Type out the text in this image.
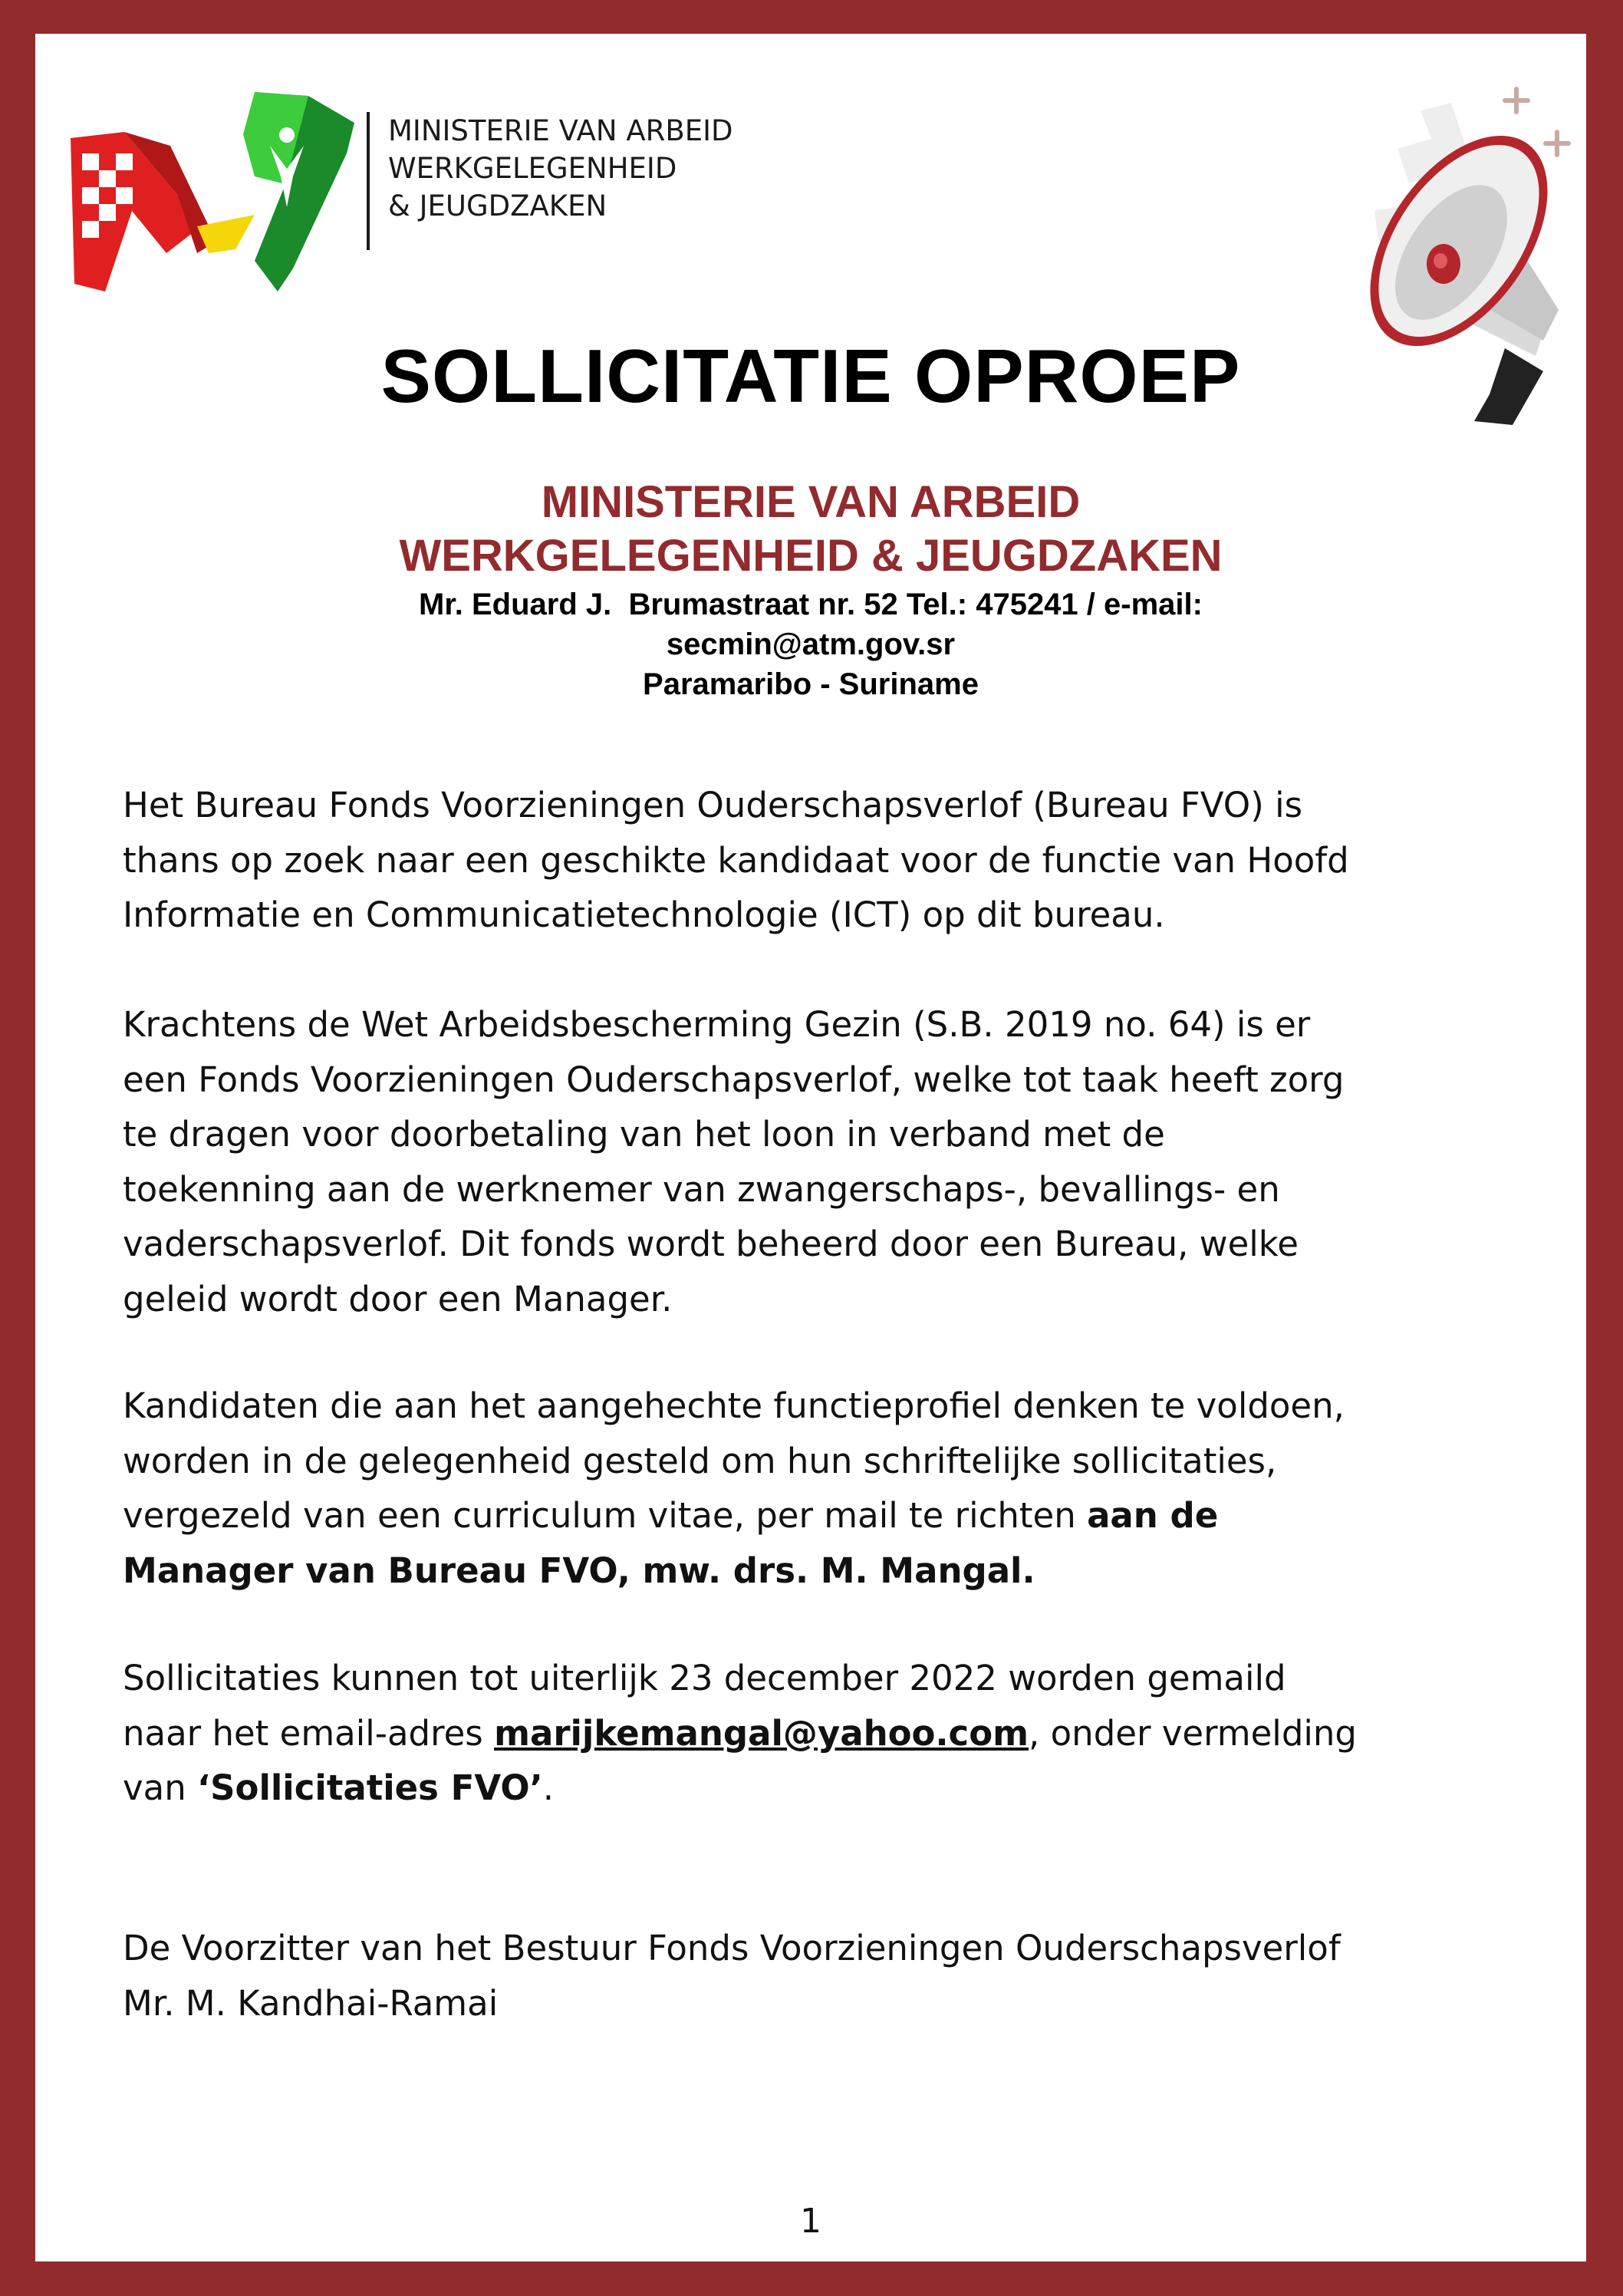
MINISTERIE VAN ARBEID
WERKGELEGENHEID
& JEUGDZAKEN
SOLLICITATIE OPROEP
MINISTERIE VAN ARBEID
WERKGELEGENHEID & JEUGDZAKEN
Mr. Eduard J.  Brumastraat nr. 52 Tel.: 475241 / e-mail:
secmin@atm.gov.sr
Paramaribo - Suriname
Het Bureau Fonds Voorzieningen Ouderschapsverlof (Bureau FVO) is
thans op zoek naar een geschikte kandidaat voor de functie van Hoofd
Informatie en Communicatietechnologie (ICT) op dit bureau.
Krachtens de Wet Arbeidsbescherming Gezin (S.B. 2019 no. 64) is er
een Fonds Voorzieningen Ouderschapsverlof, welke tot taak heeft zorg
te dragen voor doorbetaling van het loon in verband met de
toekenning aan de werknemer van zwangerschaps-, bevallings- en
vaderschapsverlof. Dit fonds wordt beheerd door een Bureau, welke
geleid wordt door een Manager.
Kandidaten die aan het aangehechte functieprofiel denken te voldoen,
worden in de gelegenheid gesteld om hun schriftelijke sollicitaties,
vergezeld van een curriculum vitae, per mail te richten aan de
Manager van Bureau FVO, mw. drs. M. Mangal.
Sollicitaties kunnen tot uiterlijk 23 december 2022 worden gemaild
naar het email-adres marijkemangal@yahoo.com, onder vermelding
van ‘Sollicitaties FVO’.
De Voorzitter van het Bestuur Fonds Voorzieningen Ouderschapsverlof
Mr. M. Kandhai-Ramai
1
